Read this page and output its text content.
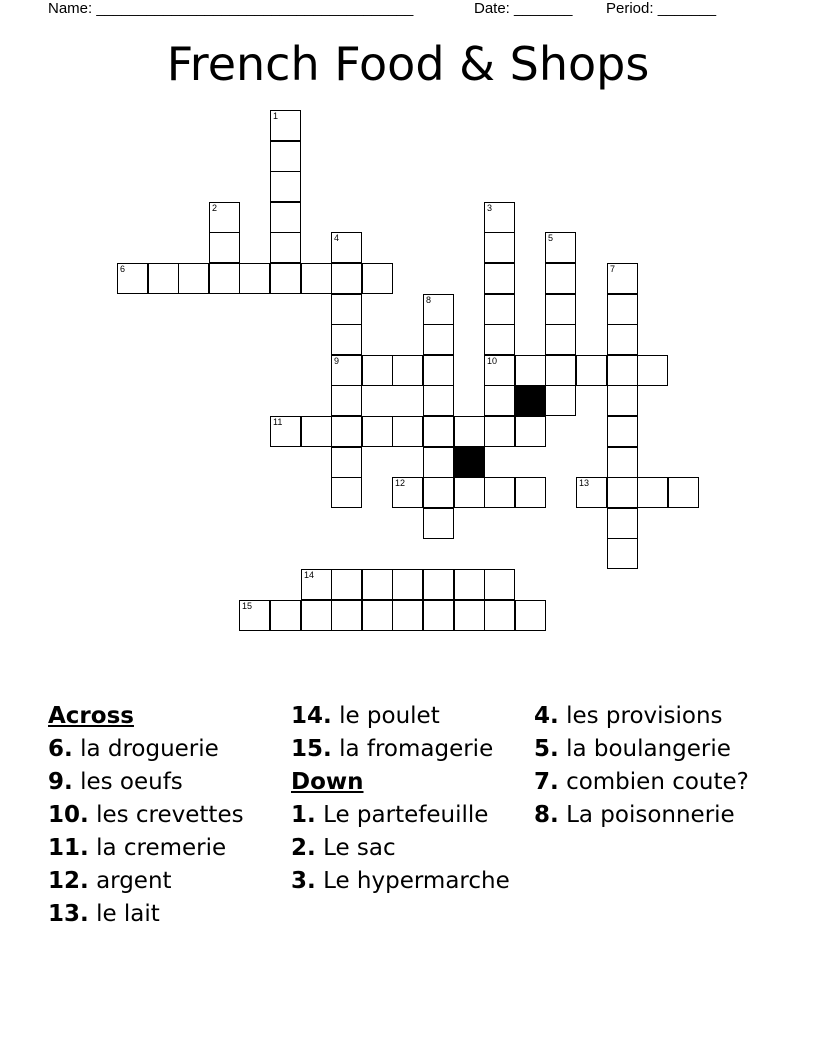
Name: ______________________________________	Date: _______ Period: _______
French Food & Shops
1
2	3
10
4
9
5
6	7
8
11
12	13
14
15
Across
6. la droguerie
9. les oeufs
10. les crevettes
11. la cremerie
12. argent
13. le lait
14. le poulet
15. la fromagerie
Down
1. Le partefeuille
2. Le sac
3. Le hypermarche
4. les provisions
5. la boulangerie
7. combien coute?
8. La poisonnerie
